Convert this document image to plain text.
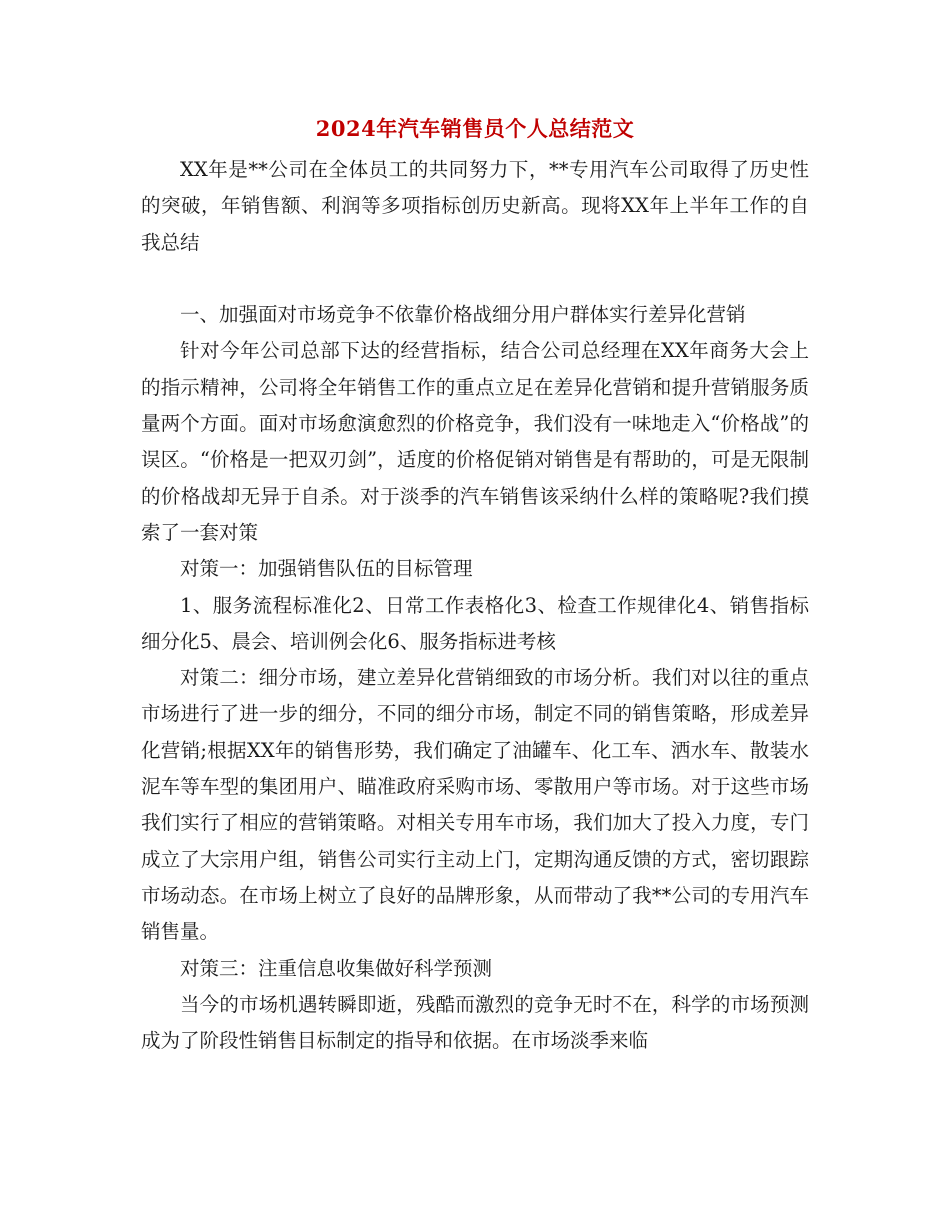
2024年汽车销售员个人总结范文

XX年是**公司在全体员工的共同努力下，**专用汽车公司取得了历史性的突破，年销售额、利润等多项指标创历史新高。现将XX年上半年工作的自我总结

一、加强面对市场竞争不依靠价格战细分用户群体实行差异化营销

针对今年公司总部下达的经营指标，结合公司总经理在XX年商务大会上的指示精神，公司将全年销售工作的重点立足在差异化营销和提升营销服务质量两个方面。面对市场愈演愈烈的价格竞争，我们没有一味地走入“价格战”的误区。“价格是一把双刃剑”，适度的价格促销对销售是有帮助的，可是无限制的价格战却无异于自杀。对于淡季的汽车销售该采纳什么样的策略呢?我们摸索了一套对策

对策一：加强销售队伍的目标管理

1、服务流程标准化2、日常工作表格化3、检查工作规律化4、销售指标细分化5、晨会、培训例会化6、服务指标进考核

对策二：细分市场，建立差异化营销细致的市场分析。我们对以往的重点市场进行了进一步的细分，不同的细分市场，制定不同的销售策略，形成差异化营销;根据XX年的销售形势，我们确定了油罐车、化工车、洒水车、散装水泥车等车型的集团用户、瞄准政府采购市场、零散用户等市场。对于这些市场我们实行了相应的营销策略。对相关专用车市场，我们加大了投入力度，专门成立了大宗用户组，销售公司实行主动上门，定期沟通反馈的方式，密切跟踪市场动态。在市场上树立了良好的品牌形象，从而带动了我**公司的专用汽车销售量。

对策三：注重信息收集做好科学预测

当今的市场机遇转瞬即逝，残酷而激烈的竞争无时不在，科学的市场预测成为了阶段性销售目标制定的指导和依据。在市场淡季来临
